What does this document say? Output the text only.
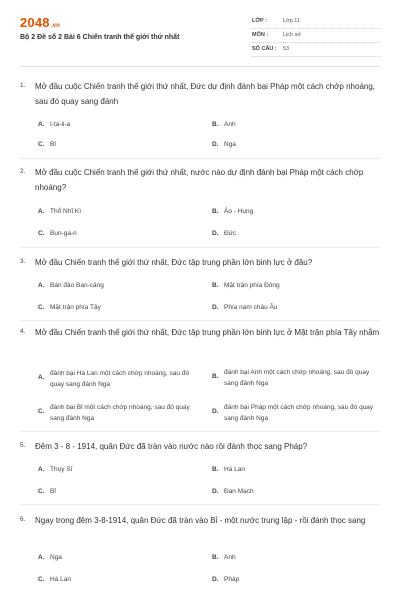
2048.vn
Bộ 2 Đề số 2 Bài 6 Chiến tranh thế giới thứ nhất
LỚP :	Lớp 11
MÔN :	Lịch sử
SỐ CÂU : 53
1. Mở đầu cuộc Chiến tranh thế giới thứ nhất, Đức dự định đánh bại Pháp một cách chớp nhoáng, sau đó quay sang đánh
A. I-ta-li-a	B. Anh
C. Bỉ	D. Nga
2. Mở đầu cuộc Chiến tranh thế giới thứ nhất, nước nào dự định đánh bại Pháp một cách chớp nhoáng?
A. Thổ Nhĩ Kì	B. Áo - Hung
C. Bun-ga-ri	D. Đức
3. Mở đầu Chiến tranh thế giới thứ nhất, Đức tập trung phần lớn binh lực ở đâu?
A. Bán đảo Ban-căng	B. Mặt trận phía Đông
C. Mặt trận phía Tây	D. Phía nam châu Âu
4. Mở đầu Chiến tranh thế giới thứ nhất, Đức tập trung phần lớn binh lực ở Mặt trận phía Tây nhằm
A.
đánh bại Hà Lan một cách chớp nhoáng, sau đó quay sang đánh Nga
B.
đánh bại Anh một cách chớp nhoáng, sau đó quay sang đánh Nga
C.
đánh bại Bỉ một cách chớp nhoáng, sau đó quay sang đánh Nga
D.
đánh bại Pháp một cách chớp nhoáng, sau đó quay sang đánh Nga
5. Đêm 3 - 8 - 1914, quân Đức đã tràn vào nước nào rồi đánh thọc sang Pháp?
A. Thụy Sĩ	B. Hà Lan
C. Bỉ	D. Đan Mạch
6. Ngay trong đêm 3-8-1914, quân Đức đã tràn vào Bỉ - một nước trung lập - rồi đánh thọc sang
A. Nga	B. Anh
C. Hà Lan	D. Pháp
